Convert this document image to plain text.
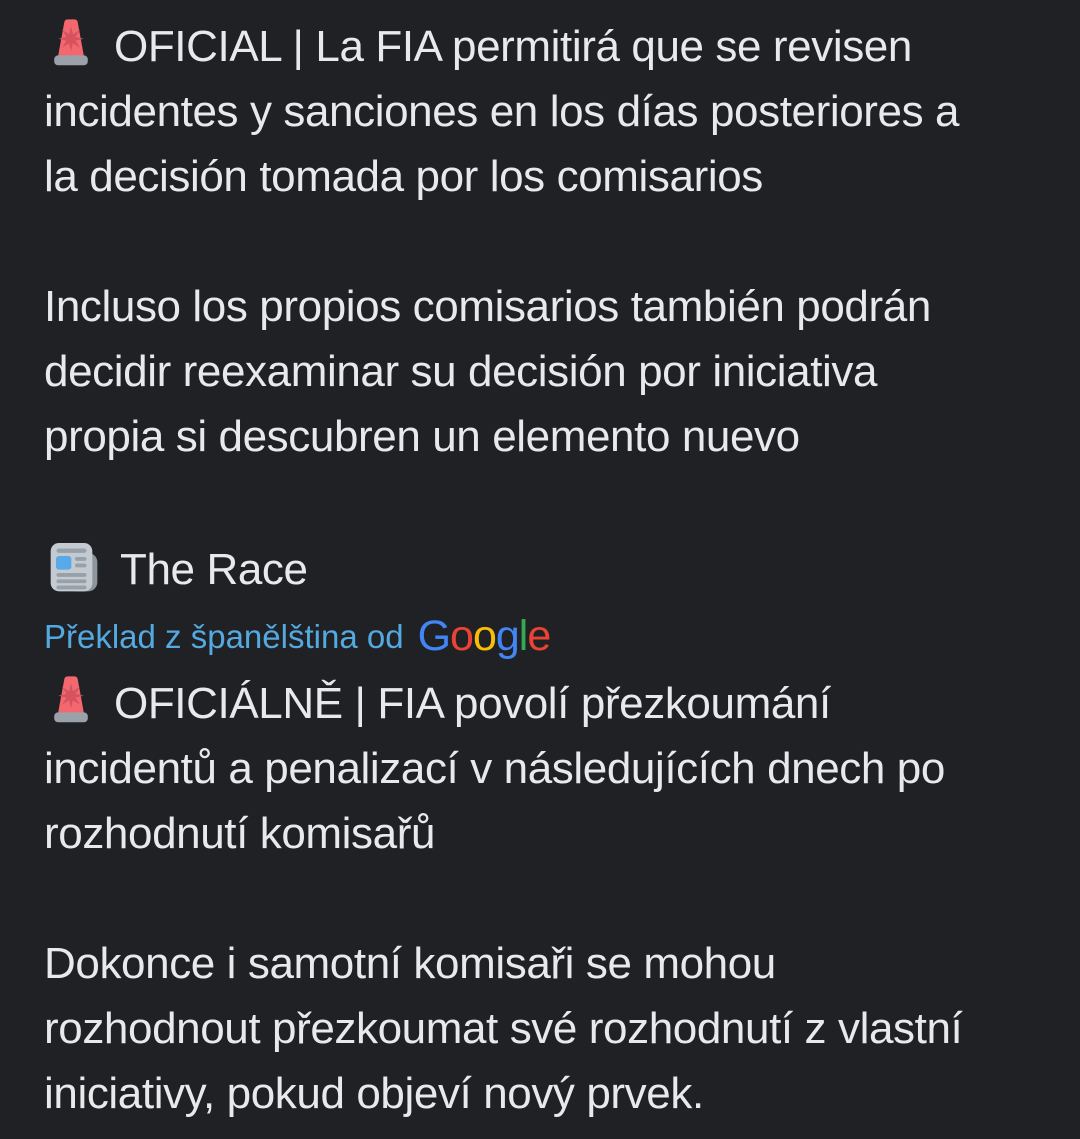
OFICIAL | La FIA permitirá que se revisen
incidentes y sanciones en los días posteriores a
la decisión tomada por los comisarios
Incluso los propios comisarios también podrán
decidir reexaminar su decisión por iniciativa
propia si descubren un elemento nuevo
The Race
Překlad z španělština od Google
OFICIÁLNĚ | FIA povolí přezkoumání
incidentů a penalizací v následujících dnech po
rozhodnutí komisařů
Dokonce i samotní komisaři se mohou
rozhodnout přezkoumat své rozhodnutí z vlastní
iniciativy, pokud objeví nový prvek.
